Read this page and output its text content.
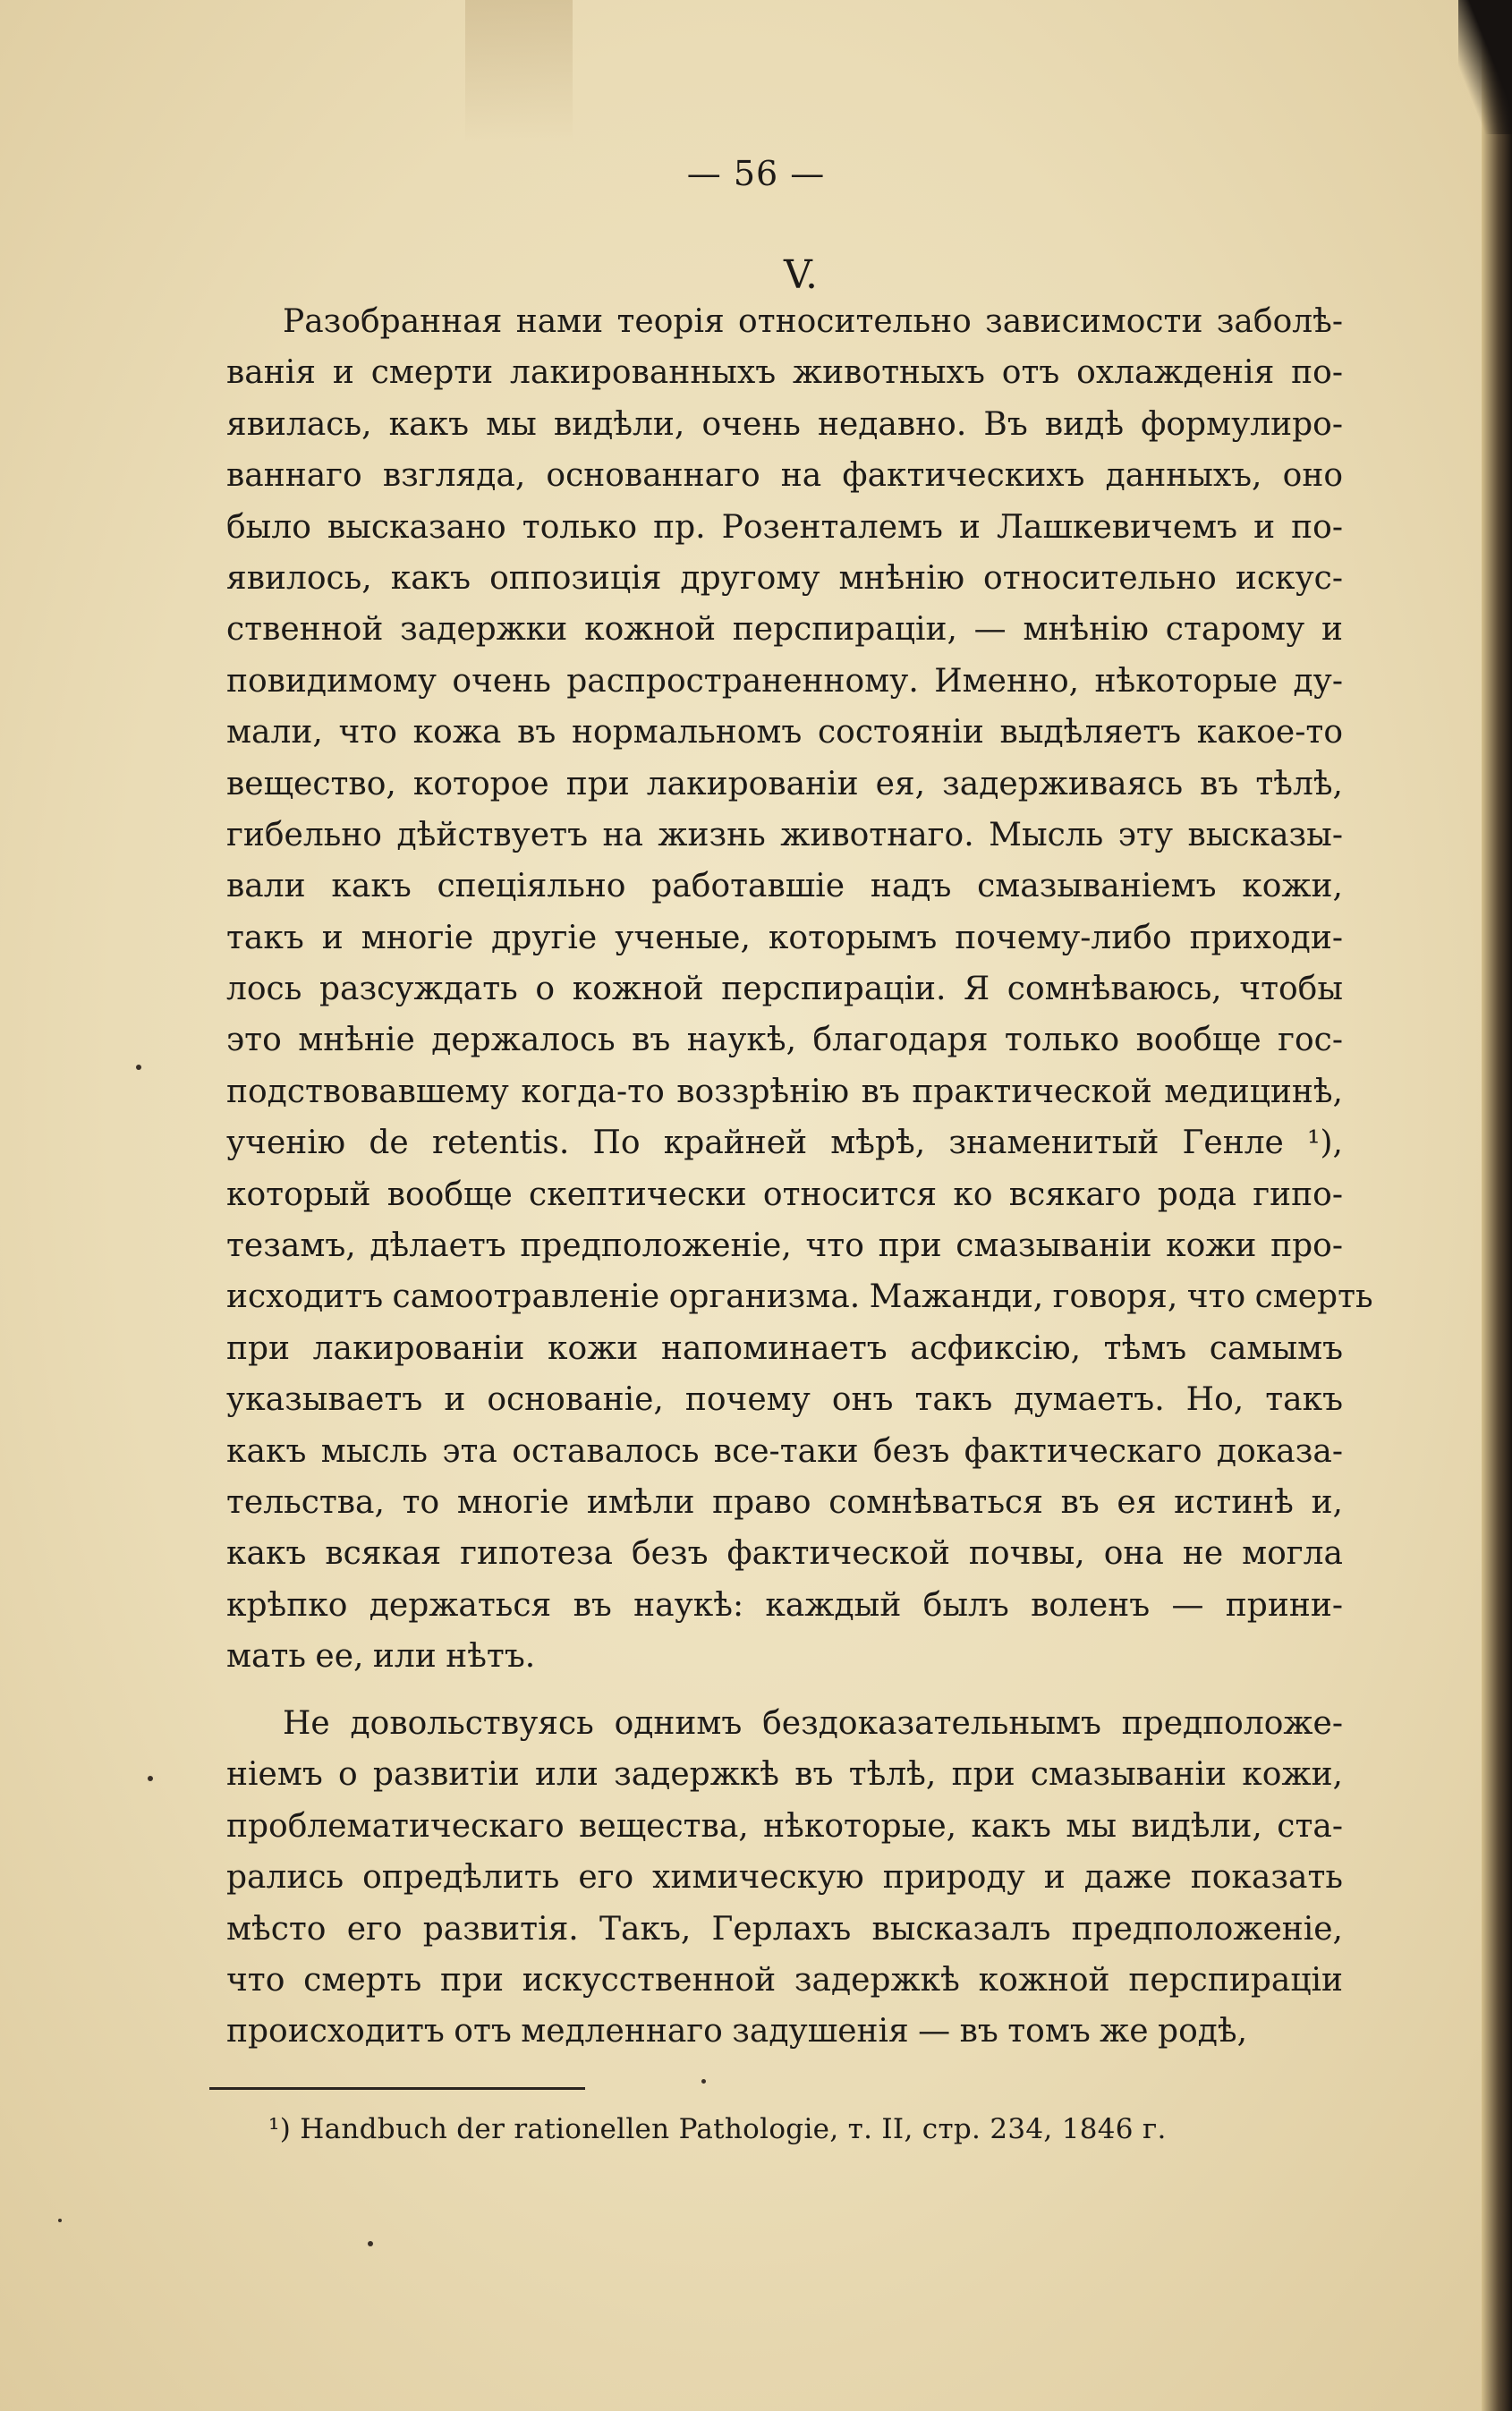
— 56 —
V.
Разобранная нами теорія относительно зависимости заболѣ-
ванія и смерти лакированныхъ животныхъ отъ охлажденія по-
явилась, какъ мы видѣли, очень недавно. Въ видѣ формулиро-
ваннаго взгляда, основаннаго на фактическихъ данныхъ, оно
было высказано только пр. Розенталемъ и Лашкевичемъ и по-
явилось, какъ оппозиція другому мнѣнію относительно искус-
ственной задержки кожной перспираціи, — мнѣнію старому и
повидимому очень распространенному. Именно, нѣкоторые ду-
мали, что кожа въ нормальномъ состояніи выдѣляетъ какое-то
вещество, которое при лакированіи ея, задерживаясь въ тѣлѣ,
гибельно дѣйствуетъ на жизнь животнаго. Мысль эту высказы-
вали какъ спеціяльно работавшіе надъ смазываніемъ кожи,
такъ и многіе другіе ученые, которымъ почему-либо приходи-
лось разсуждать о кожной перспираціи. Я сомнѣваюсь, чтобы
это мнѣніе держалось въ наукѣ, благодаря только вообще гос-
подствовавшему когда-то воззрѣнію въ практической медицинѣ,
ученію de retentis. По крайней мѣрѣ, знаменитый Генле ¹),
который вообще скептически относится ко всякаго рода гипо-
тезамъ, дѣлаетъ предположеніе, что при смазываніи кожи про-
исходитъ самоотравленіе организма. Мажанди, говоря, что смерть
при лакированіи кожи напоминаетъ асфиксію, тѣмъ самымъ
указываетъ и основаніе, почему онъ такъ думаетъ. Но, такъ
какъ мысль эта оставалось все-таки безъ фактическаго доказа-
тельства, то многіе имѣли право сомнѣваться въ ея истинѣ и,
какъ всякая гипотеза безъ фактической почвы, она не могла
крѣпко держаться въ наукѣ: каждый былъ воленъ — прини-
мать ее, или нѣтъ.
Не довольствуясь однимъ бездоказательнымъ предположе-
ніемъ о развитіи или задержкѣ въ тѣлѣ, при смазываніи кожи,
проблематическаго вещества, нѣкоторые, какъ мы видѣли, ста-
рались опредѣлить его химическую природу и даже показать
мѣсто его развитія. Такъ, Герлахъ высказалъ предположеніе,
что смерть при искусственной задержкѣ кожной перспираціи
происходитъ отъ медленнаго задушенія — въ томъ же родѣ,
¹) Handbuch der rationellen Pathologie, т. II, стр. 234, 1846 г.
